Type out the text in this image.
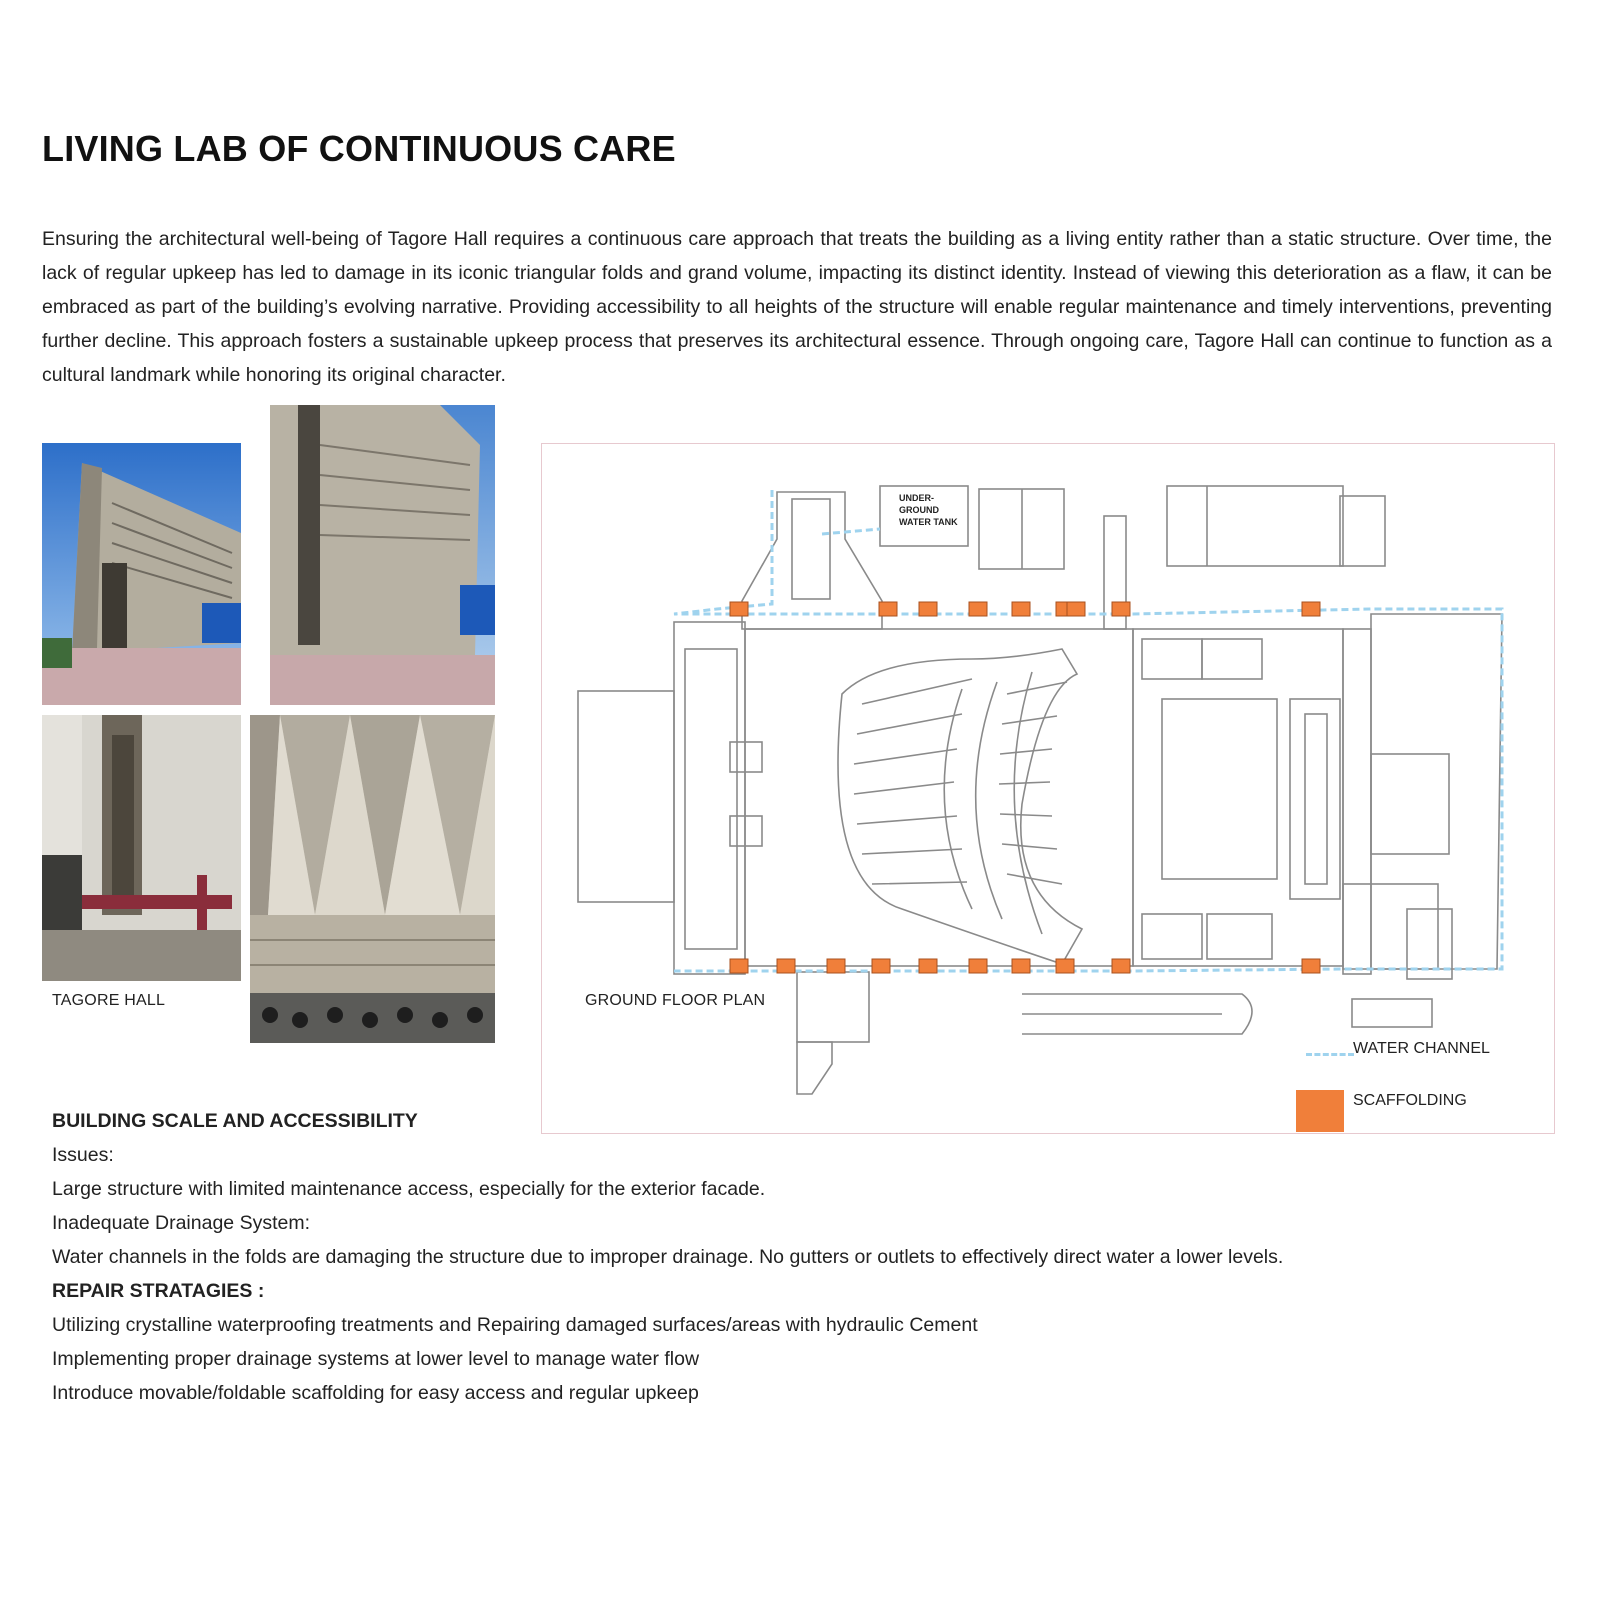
LIVING LAB OF CONTINUOUS CARE

Ensuring the architectural well-being of Tagore Hall requires a continuous care approach that treats the building as a living entity rather than a static structure. Over time, the lack of regular upkeep has led to damage in its iconic triangular folds and grand volume, impacting its distinct identity. Instead of viewing this deterioration as a flaw, it can be embraced as part of the building’s evolving narrative. Providing accessibility to all heights of the structure will enable regular maintenance and timely interventions, preventing further decline. This approach fosters a sustainable upkeep process that preserves its architectural essence. Through ongoing care, Tagore Hall can continue to function as a cultural landmark while honoring its original character.

TAGORE HALL
UNDER-
GROUND
WATER TANK
GROUND FLOOR PLAN
WATER CHANNEL
SCAFFOLDING
BUILDING SCALE AND ACCESSIBILITY
Issues:
Large structure with limited maintenance access, especially for the exterior facade.
Inadequate Drainage System:
Water channels in the folds are damaging the structure due to improper drainage. No gutters or outlets to effectively direct water a lower levels.
REPAIR STRATAGIES :
Utilizing crystalline waterproofing treatments and Repairing damaged surfaces/areas with hydraulic Cement
Implementing proper drainage systems at lower level to manage water flow
Introduce movable/foldable scaffolding for easy access and regular upkeep
